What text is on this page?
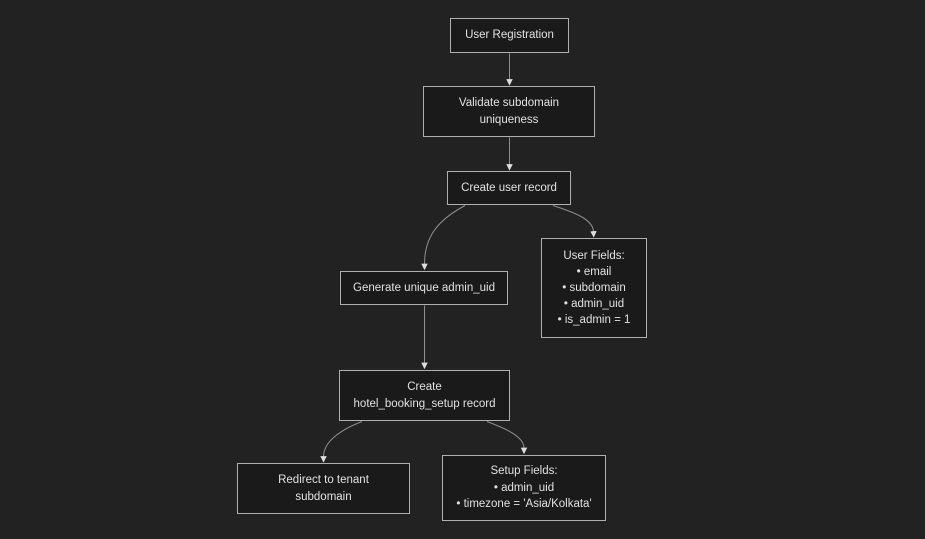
User Registration
Validate subdomain
uniqueness
Create user record
User Fields:
• email
• subdomain
• admin_uid
• is_admin = 1
Generate unique admin_uid
Create
hotel_booking_setup record
Redirect to tenant
subdomain
Setup Fields:
• admin_uid
• timezone = 'Asia/Kolkata'
